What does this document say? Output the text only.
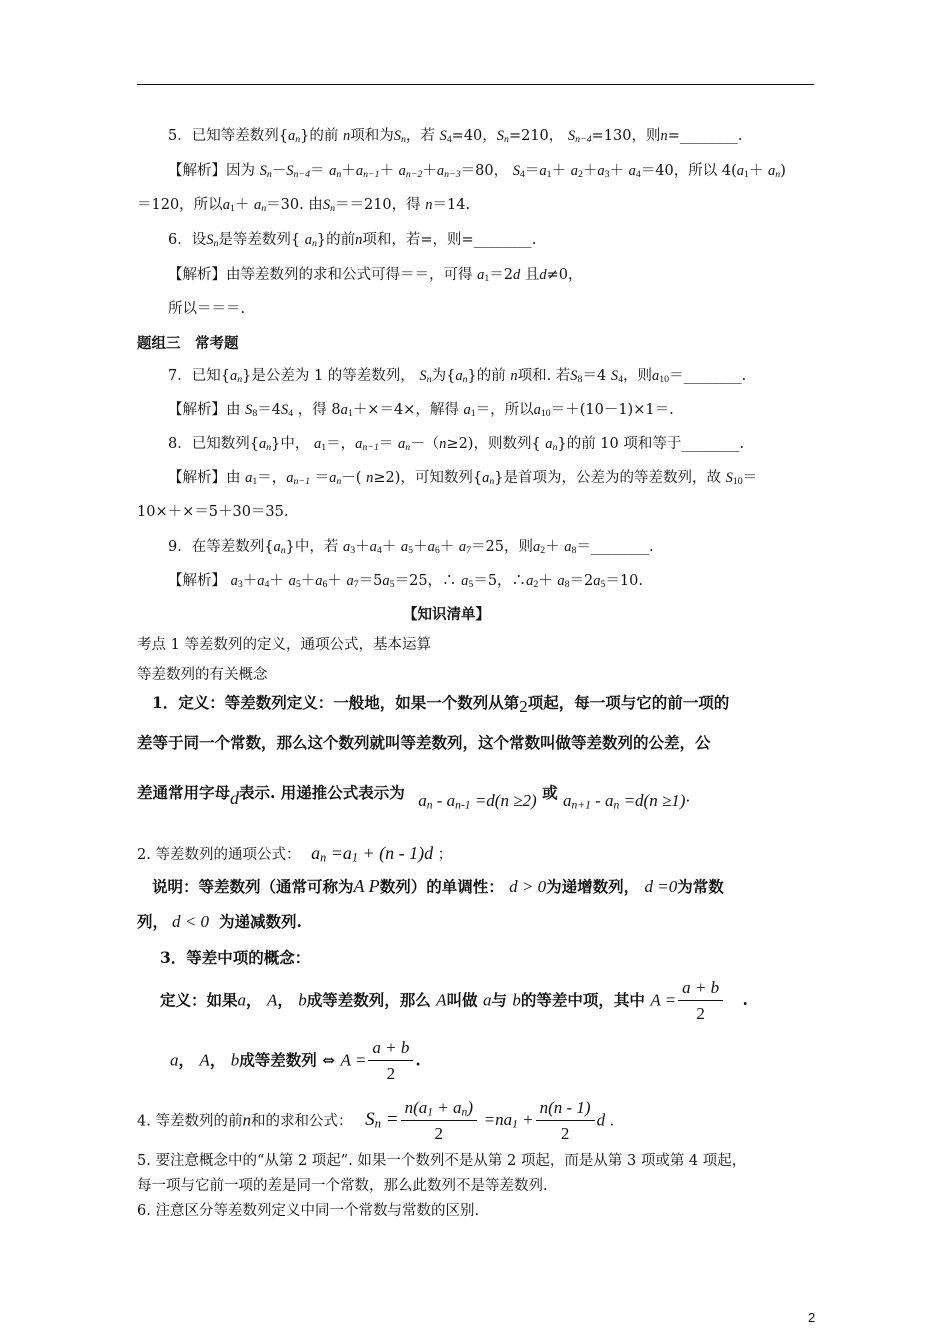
5．已知等差数列$\{a_n\}$的前 n项和为$S_n$，若 $S_4=40$，$S_n=210$， $S_{n-4}=130$，则n=________.
【解析】因为 $S_n-S_{n-4}= a_n+a_{n-1}+ a_{n-2}+a_{n-3}=80$， $S_4=a_1+ a_2+a_3+ a_4=40$，所以 $4(a_1+ a_n)$
＝120，所以$a_1+ a_n=30$. 由$S_n==210$，得 n＝14.
6．设$S_n$是等差数列{ $a_n$}的前n项和，若=，则=________.
【解析】由等差数列的求和公式可得＝＝，可得 $a_1=2d$ 且d≠0，
所以＝＝＝.
题组三　常考题
7．已知$\{a_n\}$是公差为 1 的等差数列， $S_n$为$\{a_n\}$的前 n项和. 若$S_8=4$ $S_4$，则$a_{10}=\_\_\_\_\_\_\_\_$.
【解析】由 $S_8=4S_4$ ，得 $8a_1+\times=4\times$，解得 $a_1=$，所以$a_{10}=+(10-1)\times 1=$.
8．已知数列$\{a_n\}$中， $a_1=$，$a_{n-1}= a_n-(n\ge 2)$，则数列{ $a_n$}的前 10 项和等于________.
【解析】由 $a_1=$，$a_{n-1} =a_n-$( n≥2)，可知数列$\{a_n\}$是首项为，公差为的等差数列，故 $S_{10}=$
10×＋×＝5＋30＝35.
9．在等差数列$\{a_n\}$中，若 $a_3+a_4+ a_5+a_6+ a_7=25$，则$a_2+$ $a_8=\_\_\_\_\_\_\_\_$.
【解析】 $a_3+a_4+ a_5+a_6+ a_7=5a_5=25$，∴ $a_5=5$，$\therefore a_2+ a_8=2a_5=10$.
【知识清单】
考点 1 等差数列的定义，通项公式，基本运算
等差数列的有关概念
1．定义：等差数列定义：一般地，如果一个数列从第2项起，每一项与它的前一项的
差等于同一个常数，那么这个数列就叫等差数列，这个常数叫做等差数列的公差，公
差通常用字母d表示. 用递推公式表示为 $a_n - a_{n-1} =d(n \ge 2)$ 或 $a_{n+1} - a_n =d(n \ge 1)\cdot$
2. 等差数列的通项公式： $a_n =a_1 + (n - 1)d$ ；
说明：等差数列（通常可称为A P数列）的单调性： d > 0为递增数列， d =0为常数
列， d < 0 为递减数列.
3．等差中项的概念：
定义：如果a， A， b成等差数列，那么 A叫做 a与 b的等差中项，其中 $A = \frac{a + b}{2}$ .
a， A， b成等差数列 ⇔ $A = \frac{a + b}{2}$ .
4. 等差数列的前n和的求和公式： $S_n = \frac{n(a_1 + a_n)}{2} =na_1 + \frac{n(n - 1)}{2}$ d .
5. 要注意概念中的“从第 2 项起”. 如果一个数列不是从第 2 项起，而是从第 3 项或第 4 项起，
每一项与它前一项的差是同一个常数，那么此数列不是等差数列.
6. 注意区分等差数列定义中同一个常数与常数的区别.
2
